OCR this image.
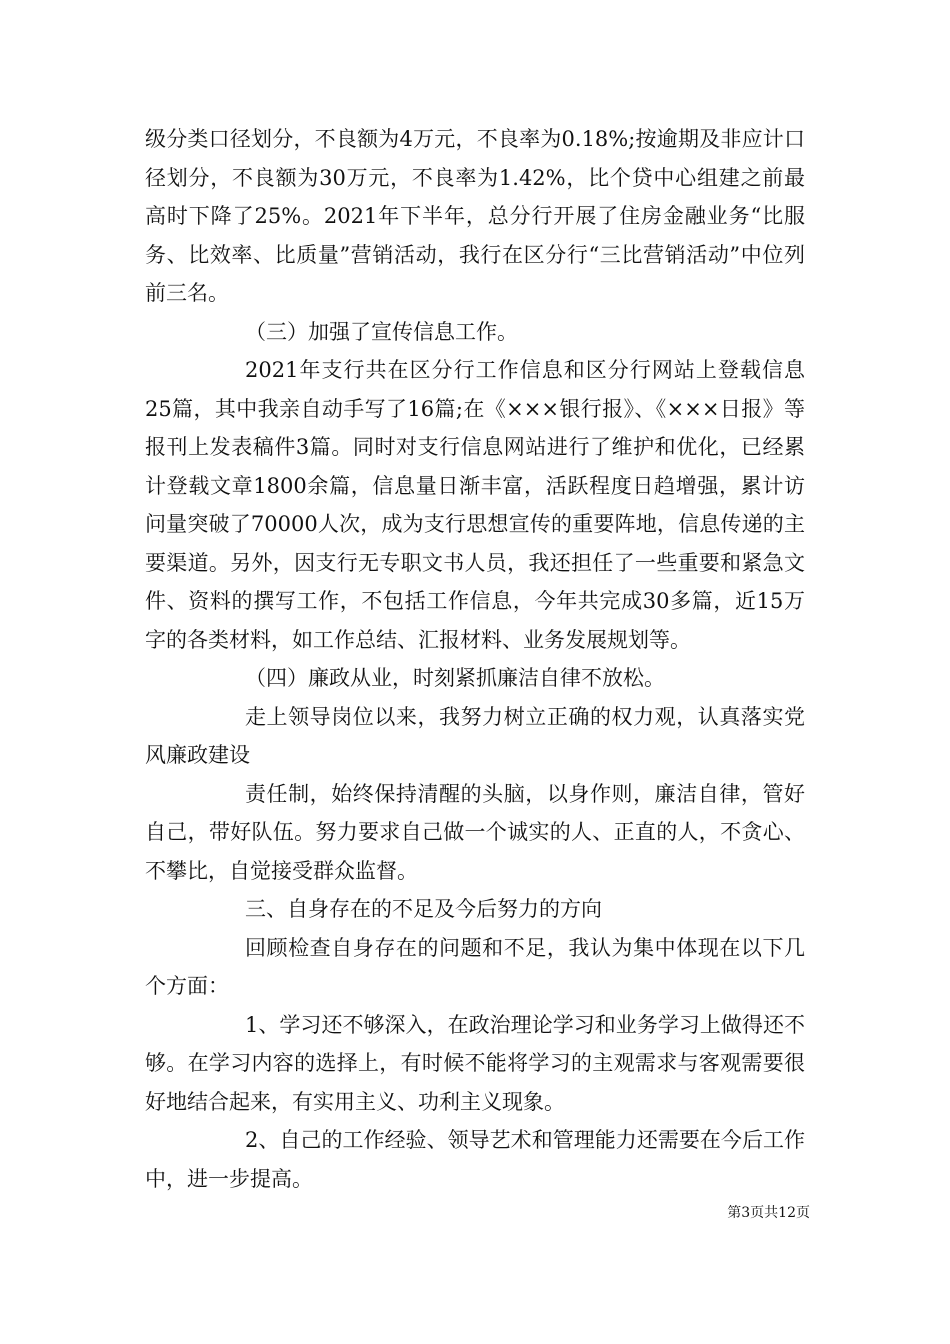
级分类口径划分，不良额为4万元，不良率为0.18%;按逾期及非应计口径划分，不良额为30万元，不良率为1.42%，比个贷中心组建之前最高时下降了25%。2021年下半年，总分行开展了住房金融业务“比服务、比效率、比质量”营销活动，我行在区分行“三比营销活动”中位列前三名。

（三）加强了宣传信息工作。

2021年支行共在区分行工作信息和区分行网站上登载信息25篇，其中我亲自动手写了16篇;在《×××银行报》、《×××日报》等报刊上发表稿件3篇。同时对支行信息网站进行了维护和优化，已经累计登载文章1800余篇，信息量日渐丰富，活跃程度日趋增强，累计访问量突破了70000人次，成为支行思想宣传的重要阵地，信息传递的主要渠道。另外，因支行无专职文书人员，我还担任了一些重要和紧急文件、资料的撰写工作，不包括工作信息，今年共完成30多篇，近15万字的各类材料，如工作总结、汇报材料、业务发展规划等。

（四）廉政从业，时刻紧抓廉洁自律不放松。

走上领导岗位以来，我努力树立正确的权力观，认真落实党风廉政建设

责任制，始终保持清醒的头脑，以身作则，廉洁自律，管好自己，带好队伍。努力要求自己做一个诚实的人、正直的人，不贪心、不攀比，自觉接受群众监督。

三、自身存在的不足及今后努力的方向

回顾检查自身存在的问题和不足，我认为集中体现在以下几个方面：

1、学习还不够深入，在政治理论学习和业务学习上做得还不够。在学习内容的选择上，有时候不能将学习的主观需求与客观需要很好地结合起来，有实用主义、功利主义现象。

2、自己的工作经验、领导艺术和管理能力还需要在今后工作中，进一步提高。

第3页共12页
